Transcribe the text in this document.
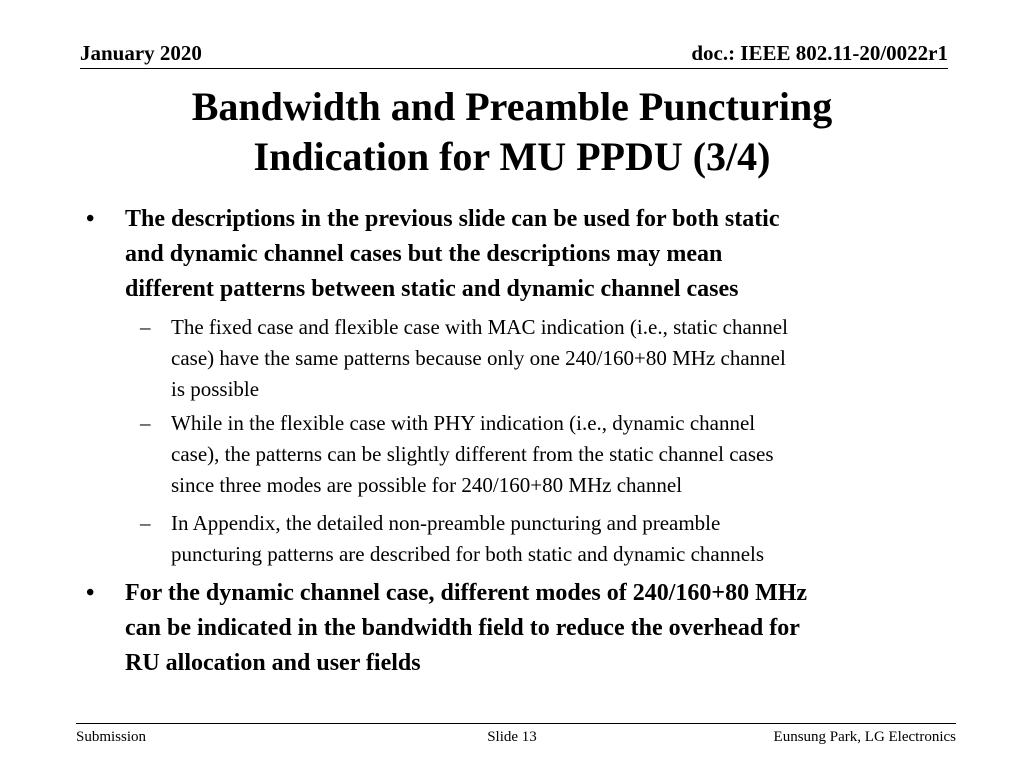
January 2020	doc.: IEEE 802.11-20/0022r1
Bandwidth and Preamble Puncturing
Indication for MU PPDU (3/4)
• The descriptions in the previous slide can be used for both static
and dynamic channel cases but the descriptions may mean
different patterns between static and dynamic channel cases
– The fixed case and flexible case with MAC indication (i.e., static channel
case) have the same patterns because only one 240/160+80 MHz channel
is possible
– While in the flexible case with PHY indication (i.e., dynamic channel
case), the patterns can be slightly different from the static channel cases
since three modes are possible for 240/160+80 MHz channel
– In Appendix, the detailed non-preamble puncturing and preamble
puncturing patterns are described for both static and dynamic channels
• For the dynamic channel case, different modes of 240/160+80 MHz
can be indicated in the bandwidth field to reduce the overhead for
RU allocation and user fields
Submission	Slide 13	Eunsung Park, LG Electronics
